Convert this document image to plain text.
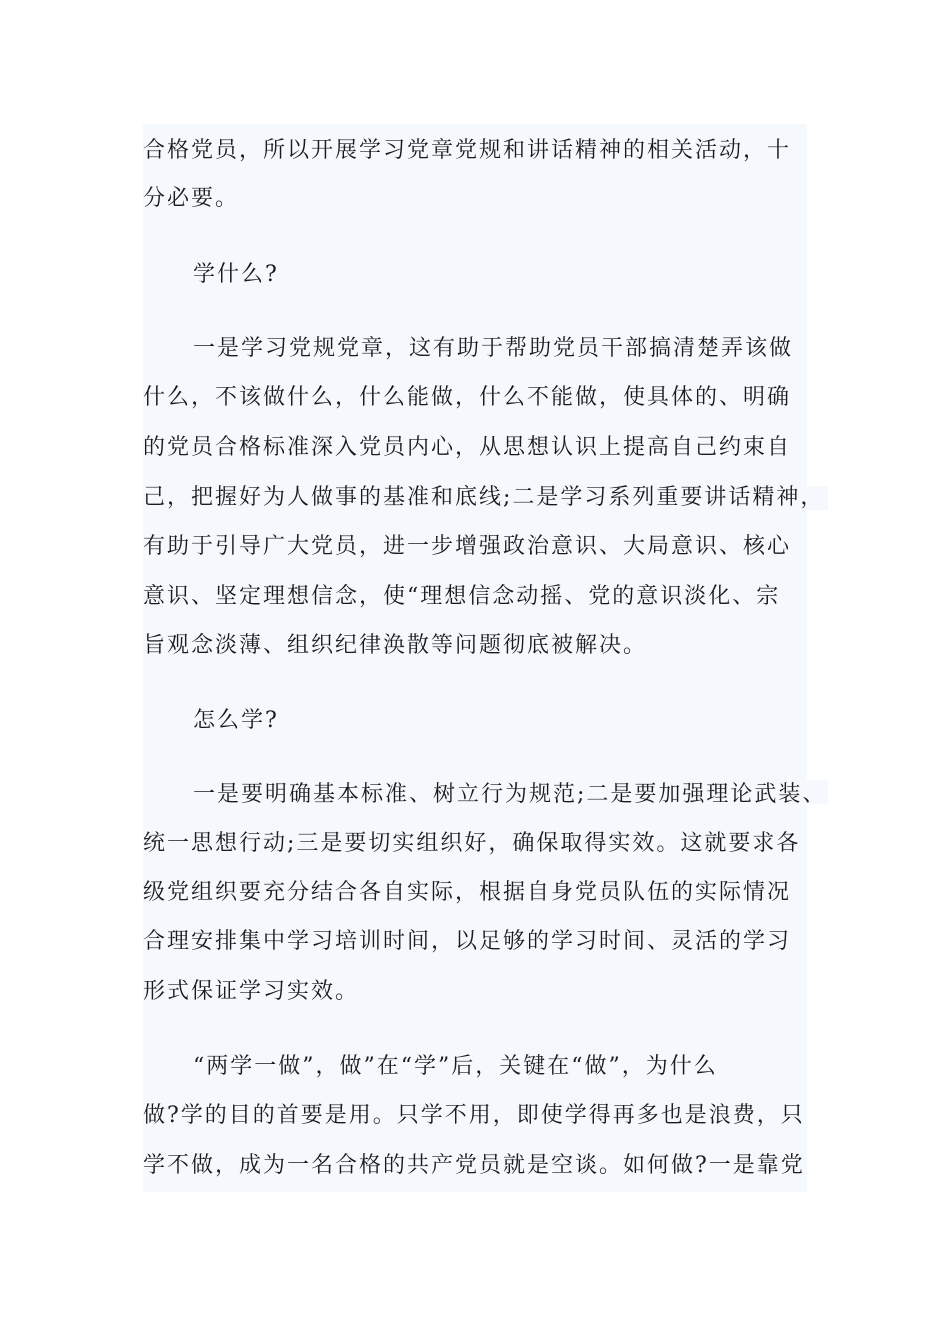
合格党员，所以开展学习党章党规和讲话精神的相关活动，十
分必要。
学什么?
一是学习党规党章，这有助于帮助党员干部搞清楚弄该做
什么，不该做什么，什么能做，什么不能做，使具体的、明确
的党员合格标准深入党员内心，从思想认识上提高自己约束自
己，把握好为人做事的基准和底线;二是学习系列重要讲话精神，
有助于引导广大党员，进一步增强政治意识、大局意识、核心
意识、坚定理想信念，使“理想信念动摇、党的意识淡化、宗
旨观念淡薄、组织纪律涣散等问题彻底被解决。
怎么学?
一是要明确基本标准、树立行为规范;二是要加强理论武装、
统一思想行动;三是要切实组织好，确保取得实效。这就要求各
级党组织要充分结合各自实际，根据自身党员队伍的实际情况
合理安排集中学习培训时间，以足够的学习时间、灵活的学习
形式保证学习实效。
“两学一做”，做”在“学”后，关键在“做”，为什么
做?学的目的首要是用。只学不用，即使学得再多也是浪费，只
学不做，成为一名合格的共产党员就是空谈。如何做?一是靠党
